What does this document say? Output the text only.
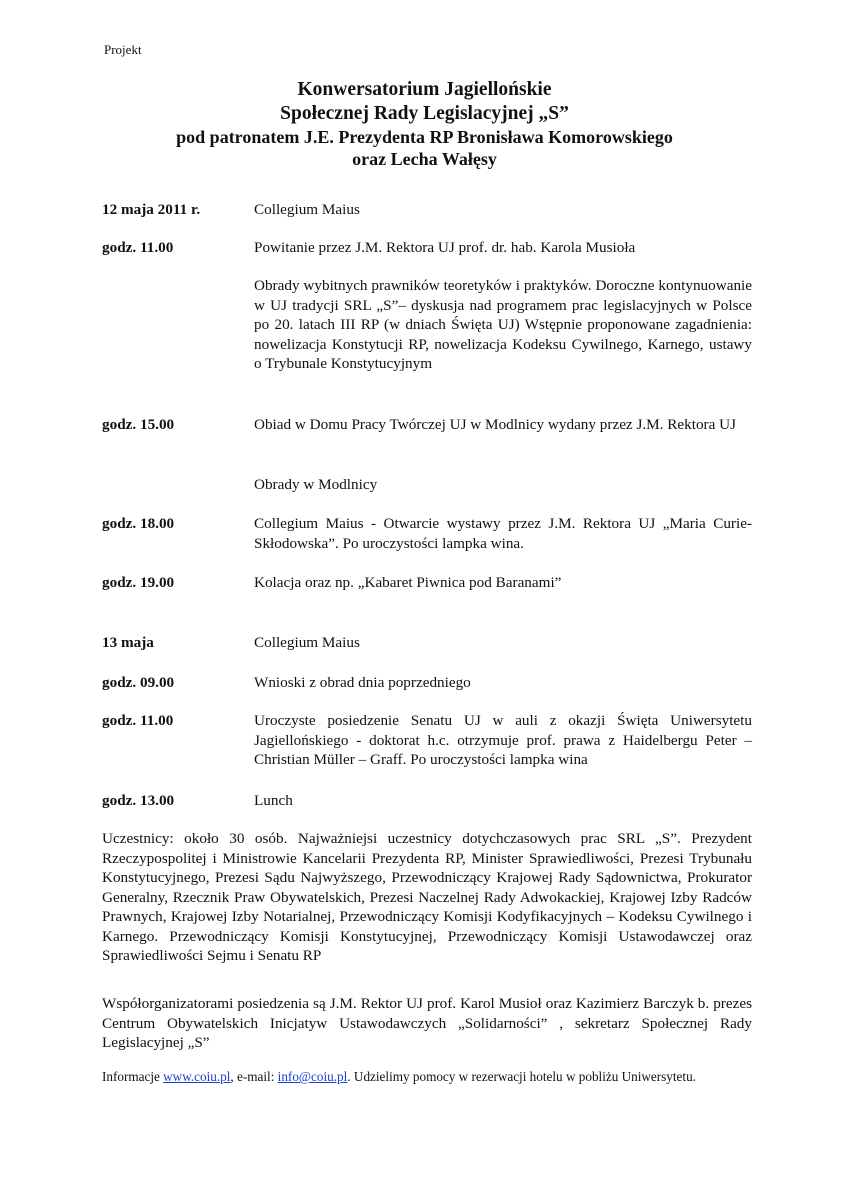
Projekt
Konwersatorium Jagiellońskie
Społecznej Rady Legislacyjnej „S”
pod patronatem J.E. Prezydenta RP Bronisława Komorowskiego
oraz Lecha Wałęsy
12 maja 2011 r.	Collegium Maius
godz. 11.00	Powitanie przez J.M. Rektora UJ prof. dr. hab. Karola Musioła
Obrady wybitnych prawników teoretyków i praktyków. Doroczne kontynuowanie w UJ tradycji SRL „S”– dyskusja nad programem prac legislacyjnych w Polsce po 20. latach III RP (w dniach Święta UJ) Wstępnie proponowane zagadnienia: nowelizacja Konstytucji RP, nowelizacja Kodeksu Cywilnego, Karnego, ustawy o Trybunale Konstytucyjnym
godz. 15.00	Obiad w Domu Pracy Twórczej UJ w Modlnicy wydany przez J.M. Rektora UJ
Obrady w Modlnicy
godz. 18.00	Collegium Maius - Otwarcie wystawy przez J.M. Rektora UJ „Maria Curie-Skłodowska”. Po uroczystości lampka wina.
godz. 19.00	Kolacja oraz np. „Kabaret Piwnica pod Baranami”
13 maja	Collegium Maius
godz. 09.00	Wnioski z obrad dnia poprzedniego
godz. 11.00	Uroczyste posiedzenie Senatu UJ w auli z okazji Święta Uniwersytetu Jagiellońskiego - doktorat h.c. otrzymuje prof. prawa z Haidelbergu Peter – Christian Müller – Graff. Po uroczystości lampka wina
godz. 13.00	Lunch
Uczestnicy: około 30 osób. Najważniejsi uczestnicy dotychczasowych prac SRL „S”. Prezydent Rzeczypospolitej i Ministrowie Kancelarii Prezydenta RP, Minister Sprawiedliwości, Prezesi Trybunału Konstytucyjnego, Prezesi Sądu Najwyższego, Przewodniczący Krajowej Rady Sądownictwa, Prokurator Generalny, Rzecznik Praw Obywatelskich, Prezesi Naczelnej Rady Adwokackiej, Krajowej Izby Radców Prawnych, Krajowej Izby Notarialnej, Przewodniczący Komisji Kodyfikacyjnych – Kodeksu Cywilnego i Karnego. Przewodniczący Komisji Konstytucyjnej, Przewodniczący Komisji Ustawodawczej oraz Sprawiedliwości Sejmu i Senatu RP
Współorganizatorami posiedzenia są J.M. Rektor UJ prof. Karol Musioł oraz Kazimierz Barczyk b. prezes Centrum Obywatelskich Inicjatyw Ustawodawczych „Solidarności” , sekretarz Społecznej Rady Legislacyjnej „S”
Informacje www.coiu.pl, e-mail: info@coiu.pl. Udzielimy pomocy w rezerwacji hotelu w pobliżu Uniwersytetu.
